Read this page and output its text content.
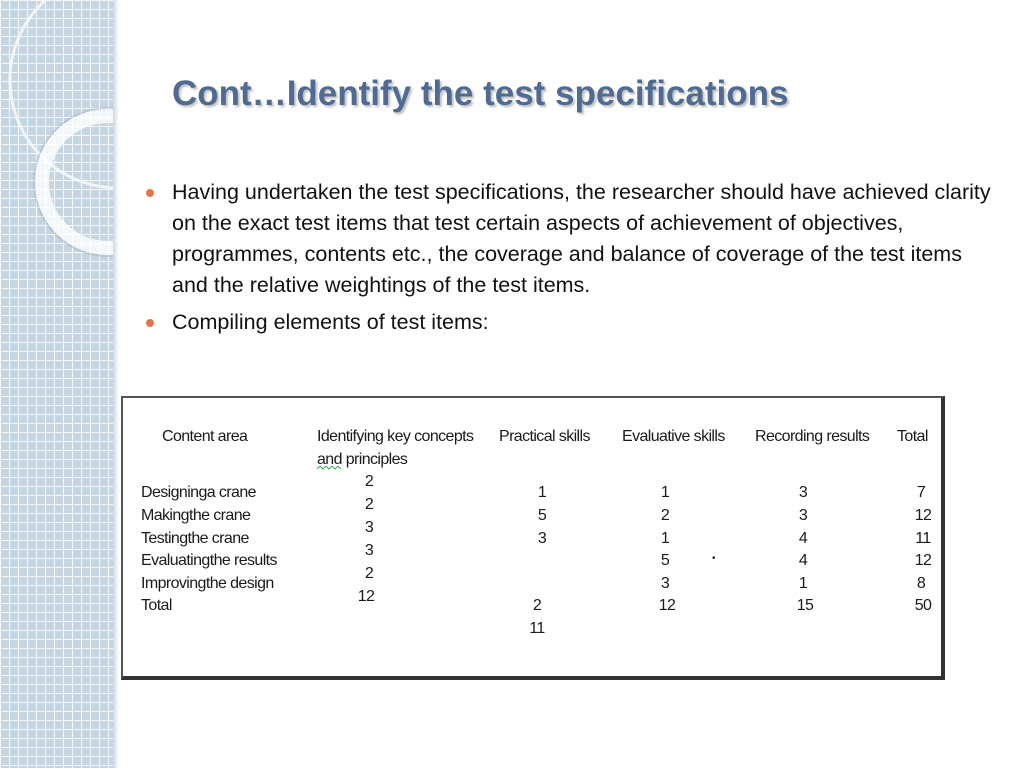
Cont…Identify the test specifications
Having undertaken the test specifications, the researcher should have achieved clarity on the exact test items that test certain aspects of achievement of objectives, programmes, contents etc., the coverage and balance of coverage of the test items and the relative weightings of the test items.
Compiling elements of test items:
Content area	Identifying key concepts
and principles
Practical skills Evaluative skills Recording results Total
Designinga crane
Makingthe crane
Testingthe crane
Evaluatingthe results
Improvingthe design
Total
2
2
3
3
2
12
1
5
3
2
11
1
2
1
5
3
12
•
3
3
4
4
1
15
7
12
11
12
8
50
